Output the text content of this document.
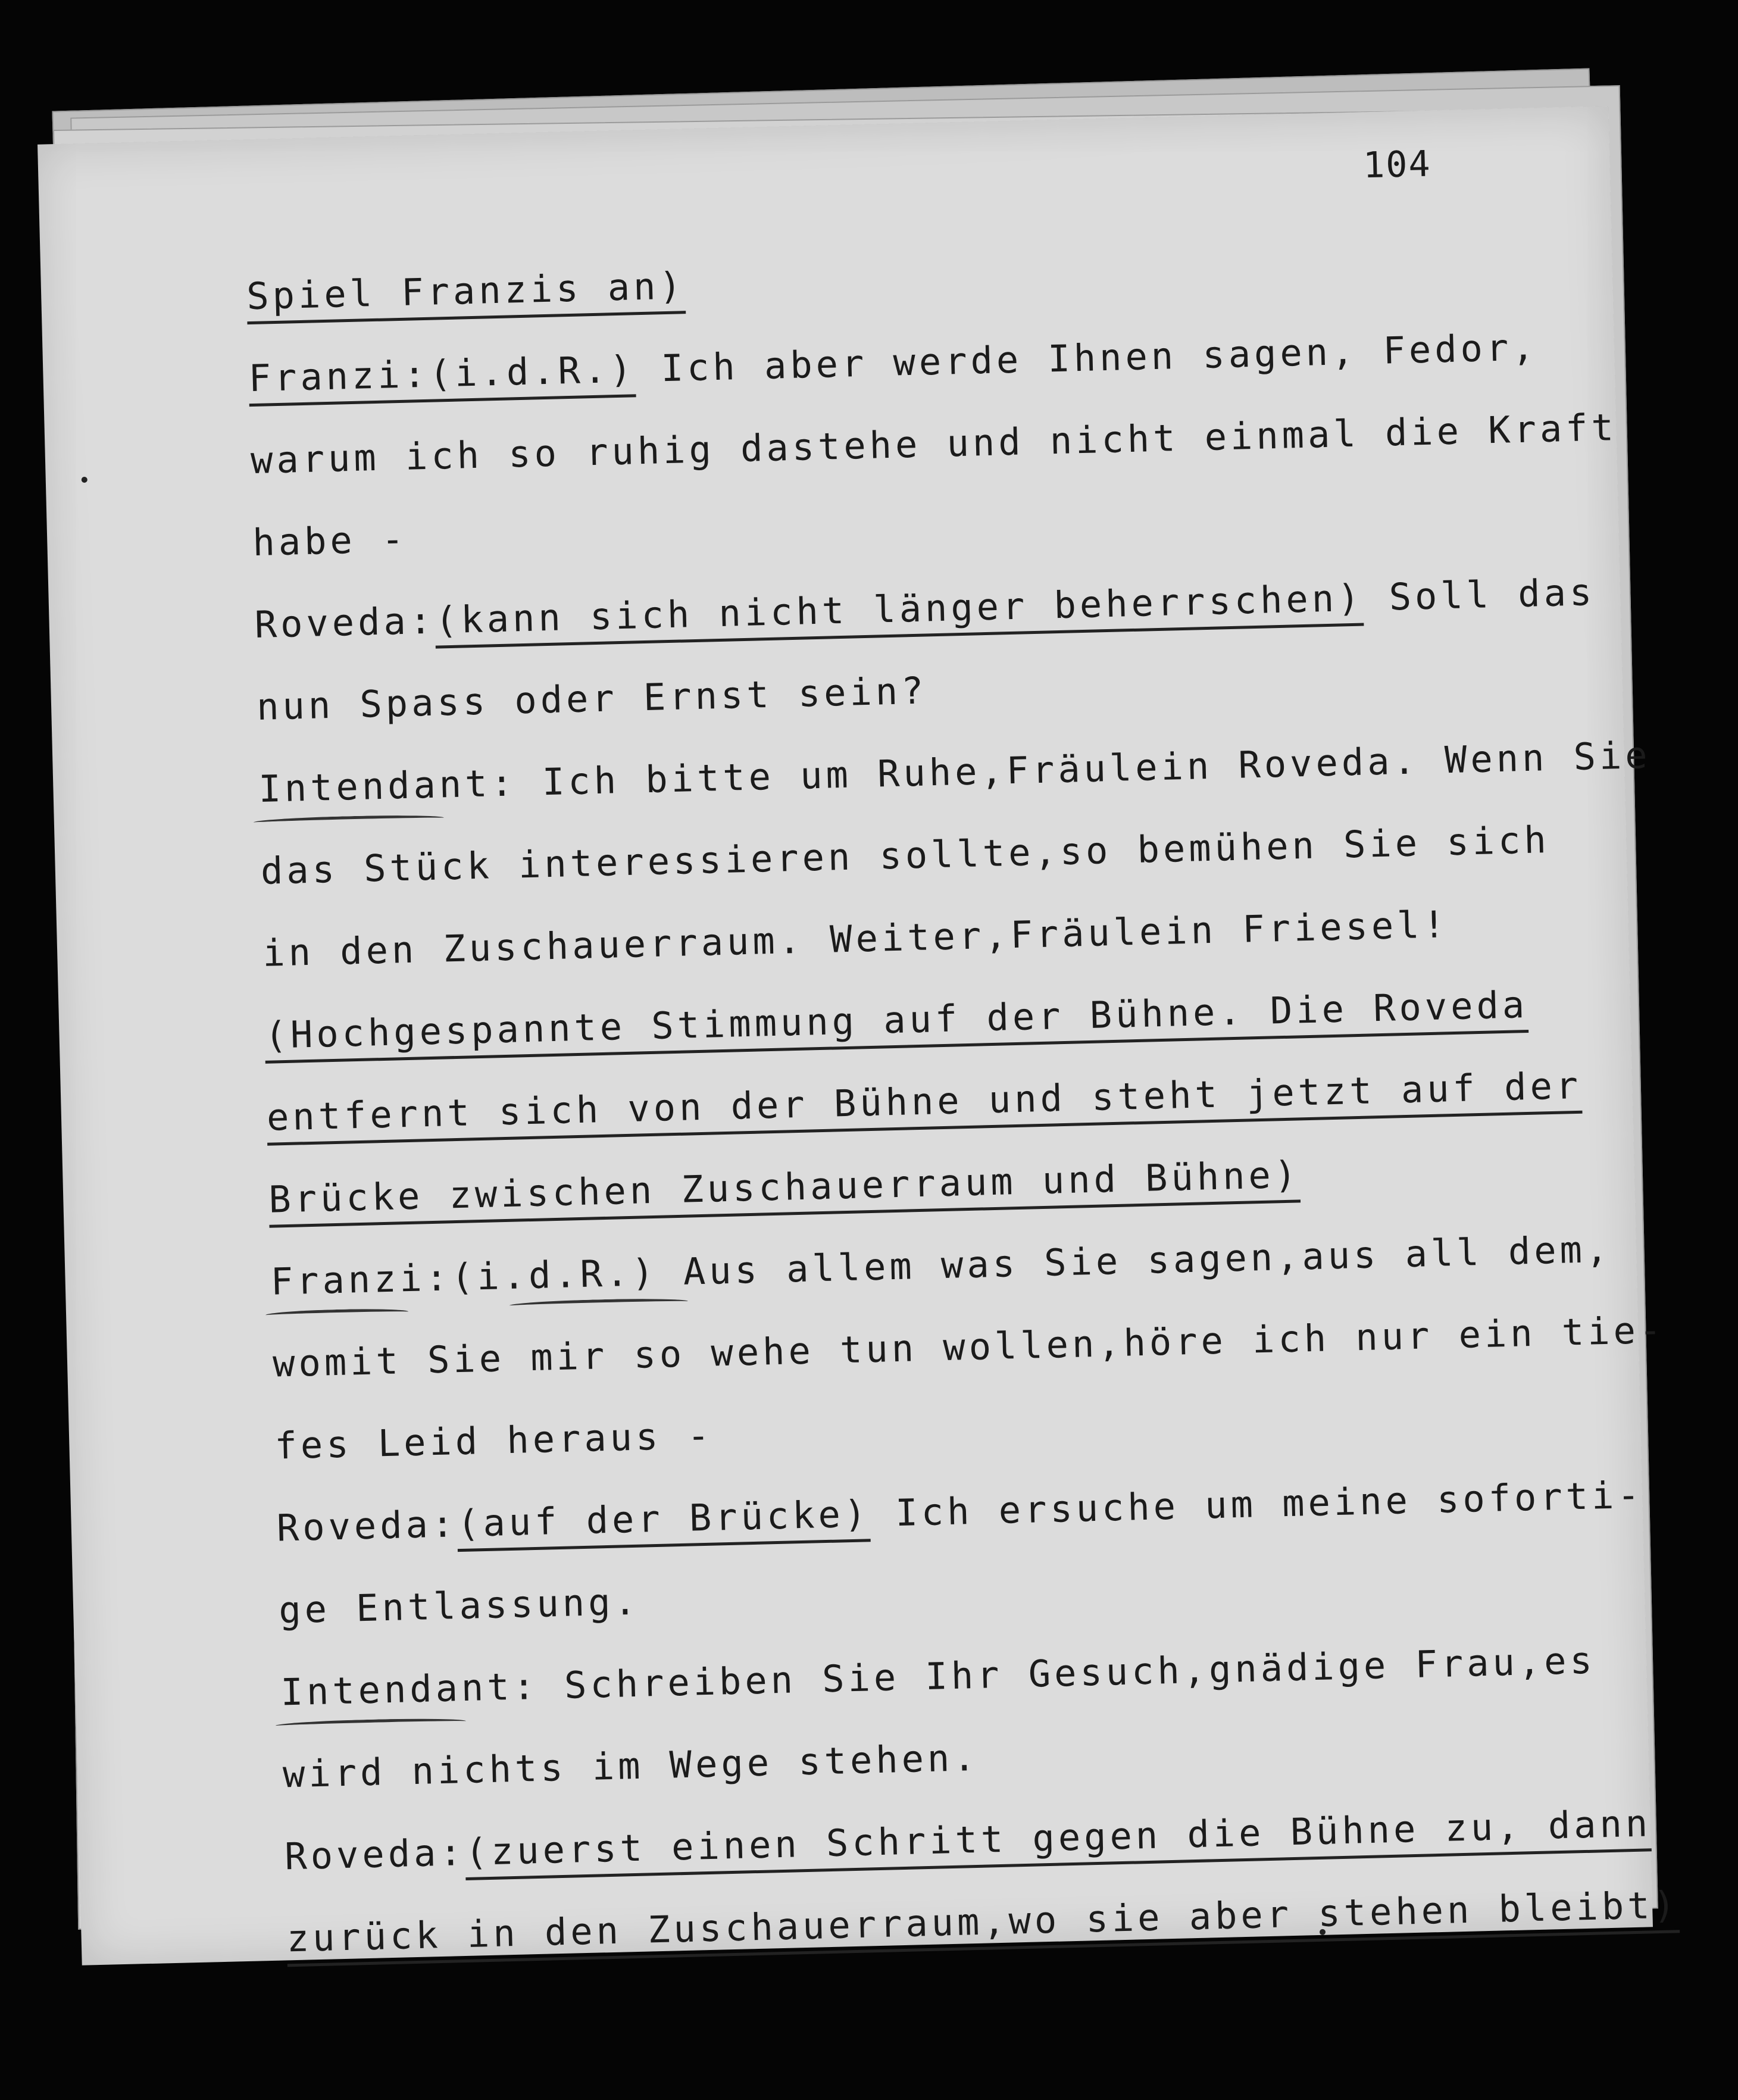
104
Spiel Franzis an)
Franzi:(i.d.R.) Ich aber werde Ihnen sagen, Fedor,
warum ich so ruhig dastehe und nicht einmal die Kraft
habe -
Roveda:(kann sich nicht länger beherrschen) Soll das
nun Spass oder Ernst sein?
Intendant: Ich bitte um Ruhe,Fräulein Roveda. Wenn Sie
das Stück interessieren sollte,so bemühen Sie sich
in den Zuschauerraum. Weiter,Fräulein Friesel!
(Hochgespannte Stimmung auf der Bühne. Die Roveda
entfernt sich von der Bühne und steht jetzt auf der
Brücke zwischen Zuschauerraum und Bühne)
Franzi:(i.d.R.) Aus allem was Sie sagen,aus all dem,
womit Sie mir so wehe tun wollen,höre ich nur ein tie-
fes Leid heraus -
Roveda:(auf der Brücke) Ich ersuche um meine soforti-
ge Entlassung.
Intendant: Schreiben Sie Ihr Gesuch,gnädige Frau,es
wird nichts im Wege stehen.
Roveda:(zuerst einen Schritt gegen die Bühne zu, dann
zurück in den Zuschauerraum,wo sie aber stehen bleibt)
